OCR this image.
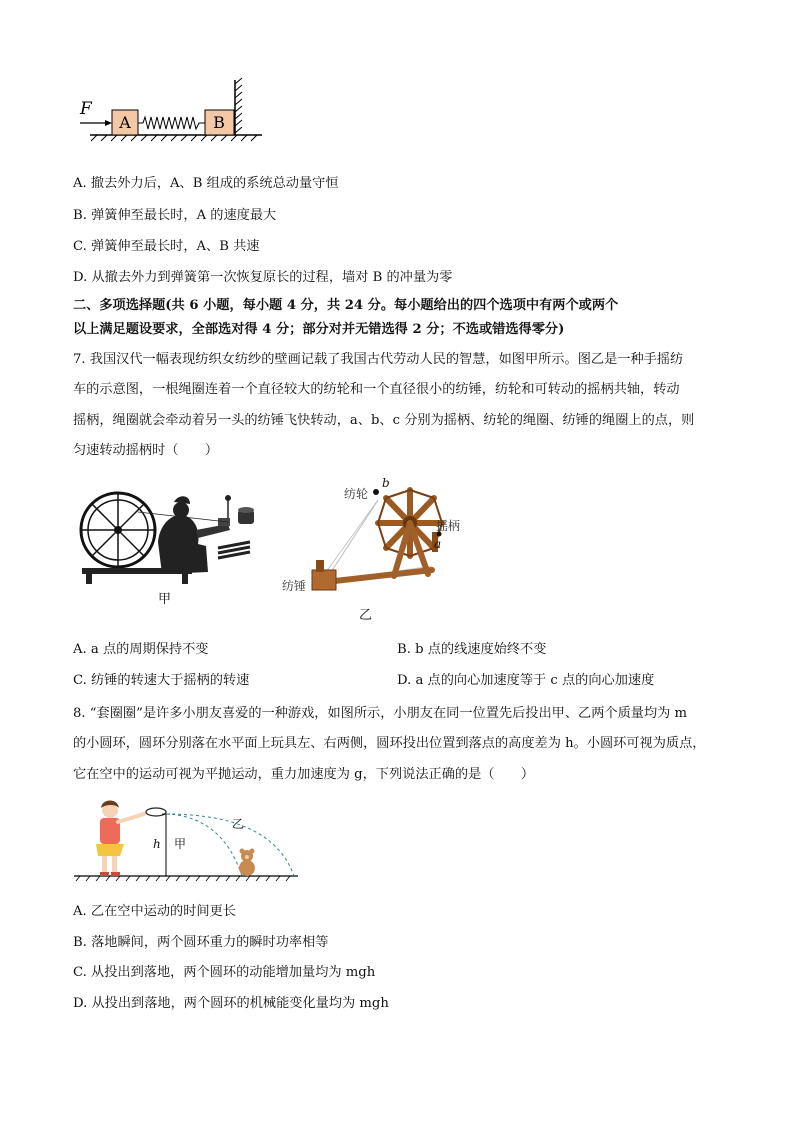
A	B
F
A. 撤去外力后，A、B 组成的系统总动量守恒
B. 弹簧伸至最长时，A 的速度最大
C. 弹簧伸至最长时，A、B 共速
D. 从撤去外力到弹簧第一次恢复原长的过程，墙对 B 的冲量为零
二、多项选择题(共 6 小题，每小题 4 分，共 24 分。每小题给出的四个选项中有两个或两个
以上满足题设要求，全部选对得 4 分；部分对并无错选得 2 分；不选或错选得零分)
7. 我国汉代一幅表现纺织女纺纱的壁画记载了我国古代劳动人民的智慧，如图甲所示。图乙是一种手摇纺
车的示意图，一根绳圈连着一个直径较大的纺轮和一个直径很小的纺锤，纺轮和可转动的摇柄共轴，转动
摇柄，绳圈就会牵动着另一头的纺锤飞快转动，a、b、c 分别为摇柄、纺轮的绳圈、纺锤的绳圈上的点，则
匀速转动摇柄时（　　）
甲
b
纺轮
摇柄
a
纺锤
乙
A. a 点的周期保持不变	B. b 点的线速度始终不变
C. 纺锤的转速大于摇柄的转速	D. a 点的向心加速度等于 c 点的向心加速度
8. “套圈圈”是许多小朋友喜爱的一种游戏，如图所示，小朋友在同一位置先后投出甲、乙两个质量均为 m
的小圆环，圆环分别落在水平面上玩具左、右两侧，圆环投出位置到落点的高度差为 h。小圆环可视为质点，
它在空中的运动可视为平抛运动，重力加速度为 g，下列说法正确的是（　　）
h 甲
乙
A. 乙在空中运动的时间更长
B. 落地瞬间，两个圆环重力的瞬时功率相等
C. 从投出到落地，两个圆环的动能增加量均为 mgh
D. 从投出到落地，两个圆环的机械能变化量均为 mgh
